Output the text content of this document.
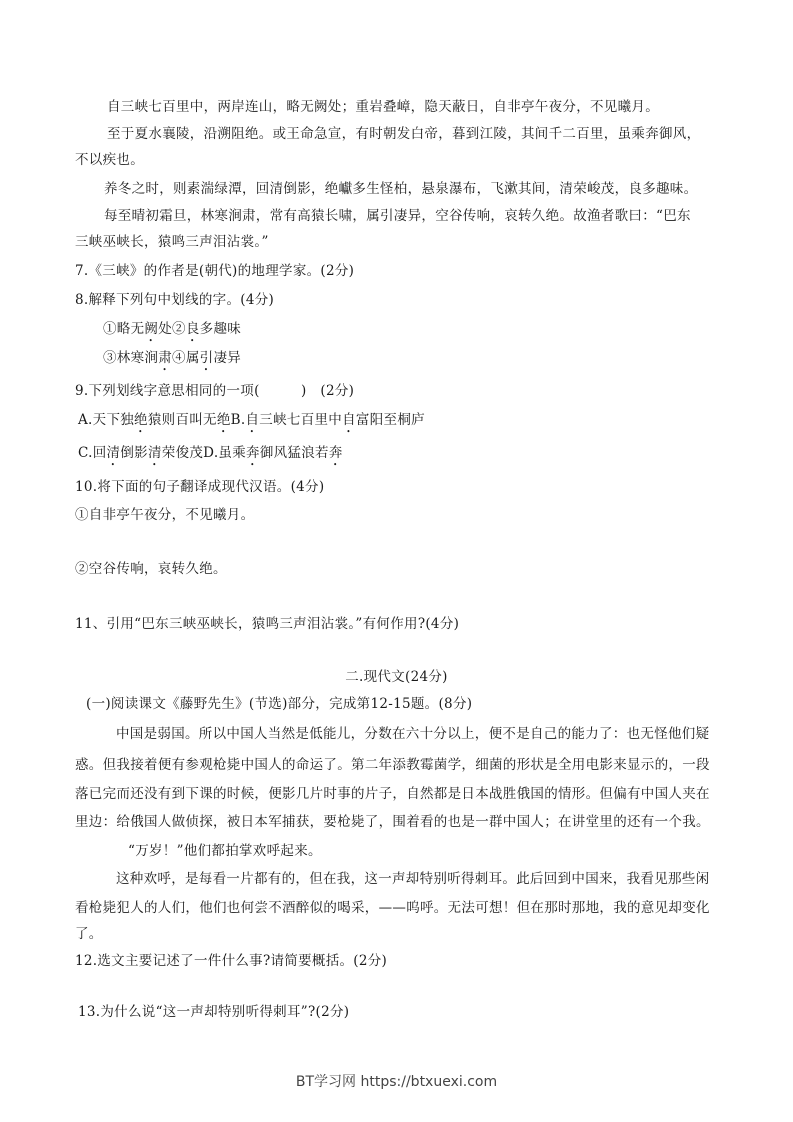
自三峡七百里中，两岸连山，略无阙处；重岩叠嶂，隐天蔽日，自非亭午夜分，不见曦月。
至于夏水襄陵，沿溯阻绝。或王命急宣，有时朝发白帝，暮到江陵，其间千二百里，虽乘奔御风，
不以疾也。
养冬之时，则素湍绿潭，回清倒影，绝巘多生怪柏，悬泉瀑布，飞漱其间，清荣峻茂，良多趣味。
每至晴初霜旦，林寒涧肃，常有高猿长啸，属引凄异，空谷传响，哀转久绝。故渔者歌曰：“巴东
三峡巫峡长，猿鸣三声泪沾裳。”
7.《三峡》的作者是(朝代)的地理学家。(2分)
8.解释下列句中划线的字。(4分)
①略无阙处②良多趣味
③林寒涧肃④属引凄异
9.下列划线字意思相同的一项(　　　)　(2分)
A.天下独绝猿则百叫无绝B.自三峡七百里中自富阳至桐庐
C.回清倒影清荣俊茂D.虽乘奔御风猛浪若奔
10.将下面的句子翻译成现代汉语。(4分)
①自非亭午夜分，不见曦月。
②空谷传响，哀转久绝。
11、引用“巴东三峡巫峡长，猿鸣三声泪沾裳。”有何作用?(4分)
二.现代文(24分)
(一)阅读课文《藤野先生》(节选)部分，完成第12-15题。(8分)
中国是弱国。所以中国人当然是低能儿，分数在六十分以上，便不是自己的能力了：也无怪他们疑
惑。但我接着便有参观枪毙中国人的命运了。第二年添教霉菌学，细菌的形状是全用电影来显示的，一段
落已完而还没有到下课的时候，便影几片时事的片子，自然都是日本战胜俄国的情形。但偏有中国人夹在
里边：给俄国人做侦探，被日本军捕获，要枪毙了，围着看的也是一群中国人；在讲堂里的还有一个我。
“万岁！”他们都拍掌欢呼起来。
这种欢呼，是每看一片都有的，但在我，这一声却特别听得刺耳。此后回到中国来，我看见那些闲
看枪毙犯人的人们，他们也何尝不酒醉似的喝采，——呜呼。无法可想！但在那时那地，我的意见却变化
了。
12.选文主要记述了一件什么事?请简要概括。(2分)
13.为什么说“这一声却特别听得刺耳”?(2分)
BT学习网 https://btxuexi.com
